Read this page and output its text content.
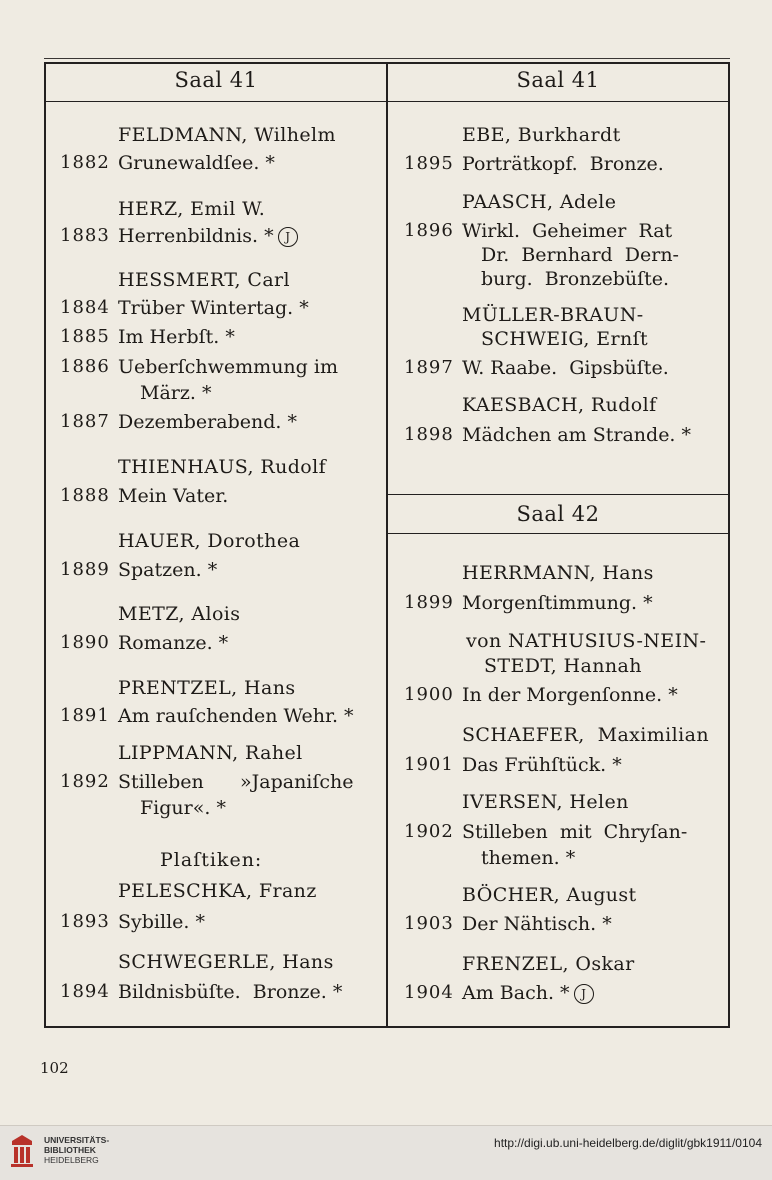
Saal 41	Saal 41
Saal 42
FELDMANN, Wilhelm
1882 Grunewaldſee. *
HERZ, Emil W.
1883 Herrenbildnis. * J
HESSMERT, Carl
1884 Trüber Wintertag. *
1885 Im Herbſt. *
1886 Ueberſchwemmung im
März. *
1887 Dezemberabend. *
THIENHAUS, Rudolf
1888 Mein Vater.
HAUER, Dorothea
1889 Spatzen. *
METZ, Alois
1890 Romanze. *
PRENTZEL, Hans
1891 Am rauſchenden Wehr. *
LIPPMANN, Rahel
1892 Stilleben      »Japaniſche
Figur«. *
Plaſtiken:
PELESCHKA, Franz
1893 Sybille. *
SCHWEGERLE, Hans
1894 Bildnisbüſte.  Bronze. *
EBE, Burkhardt
1895 Porträtkopf.  Bronze.
PAASCH, Adele
1896 Wirkl.  Geheimer  Rat
Dr.  Bernhard  Dern-
burg.  Bronzebüſte.
MÜLLER-BRAUN-
SCHWEIG, Ernſt
1897 W. Raabe.  Gipsbüſte.
KAESBACH, Rudolf
1898 Mädchen am Strande. *
HERRMANN, Hans
1899 Morgenſtimmung. *
von NATHUSIUS-NEIN-
STEDT, Hannah
1900 In der Morgenſonne. *
SCHAEFER,  Maximilian
1901 Das Frühſtück. *
IVERSEN, Helen
1902 Stilleben  mit  Chryſan-
themen. *
BÖCHER, August
1903 Der Nähtisch. *
FRENZEL, Oskar
1904 Am Bach. * J
102
UNIVERSITÄTS-
BIBLIOTHEK
HEIDELBERG
http://digi.ub.uni-heidelberg.de/diglit/gbk1911/0104
